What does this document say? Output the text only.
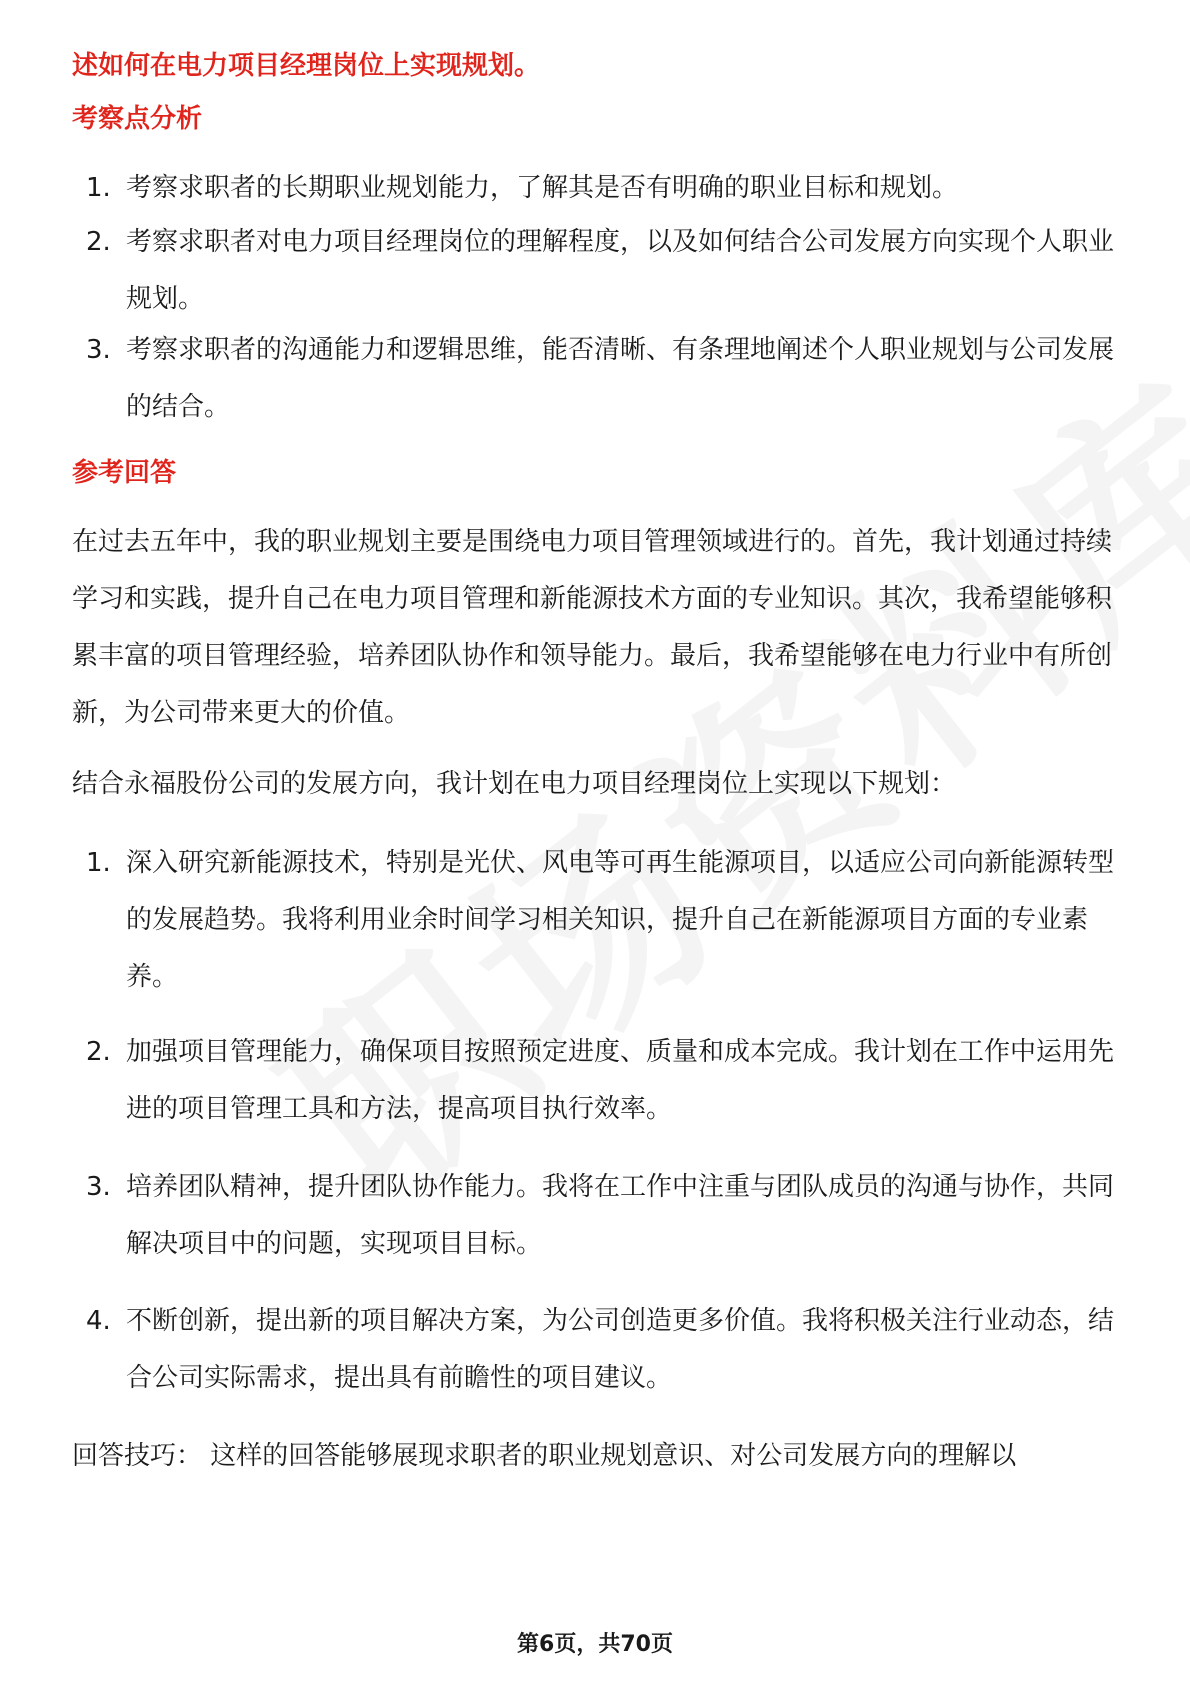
述如何在电力项目经理岗位上实现规划。
考察点分析
1. 考察求职者的长期职业规划能力，了解其是否有明确的职业目标和规划。
2. 考察求职者对电力项目经理岗位的理解程度，以及如何结合公司发展方向实现个人职业规划。
3. 考察求职者的沟通能力和逻辑思维，能否清晰、有条理地阐述个人职业规划与公司发展的结合。
参考回答

在过去五年中，我的职业规划主要是围绕电力项目管理领域进行的。首先，我计划通过持续学习和实践，提升自己在电力项目管理和新能源技术方面的专业知识。其次，我希望能够积累丰富的项目管理经验，培养团队协作和领导能力。最后，我希望能够在电力行业中有所创新，为公司带来更大的价值。

结合永福股份公司的发展方向，我计划在电力项目经理岗位上实现以下规划：

1. 深入研究新能源技术，特别是光伏、风电等可再生能源项目，以适应公司向新能源转型的发展趋势。我将利用业余时间学习相关知识，提升自己在新能源项目方面的专业素养。
2. 加强项目管理能力，确保项目按照预定进度、质量和成本完成。我计划在工作中运用先进的项目管理工具和方法，提高项目执行效率。
3. 培养团队精神，提升团队协作能力。我将在工作中注重与团队成员的沟通与协作，共同解决项目中的问题，实现项目目标。
4. 不断创新，提出新的项目解决方案，为公司创造更多价值。我将积极关注行业动态，结合公司实际需求，提出具有前瞻性的项目建议。

回答技巧： 这样的回答能够展现求职者的职业规划意识、对公司发展方向的理解以

第6页，共70页
